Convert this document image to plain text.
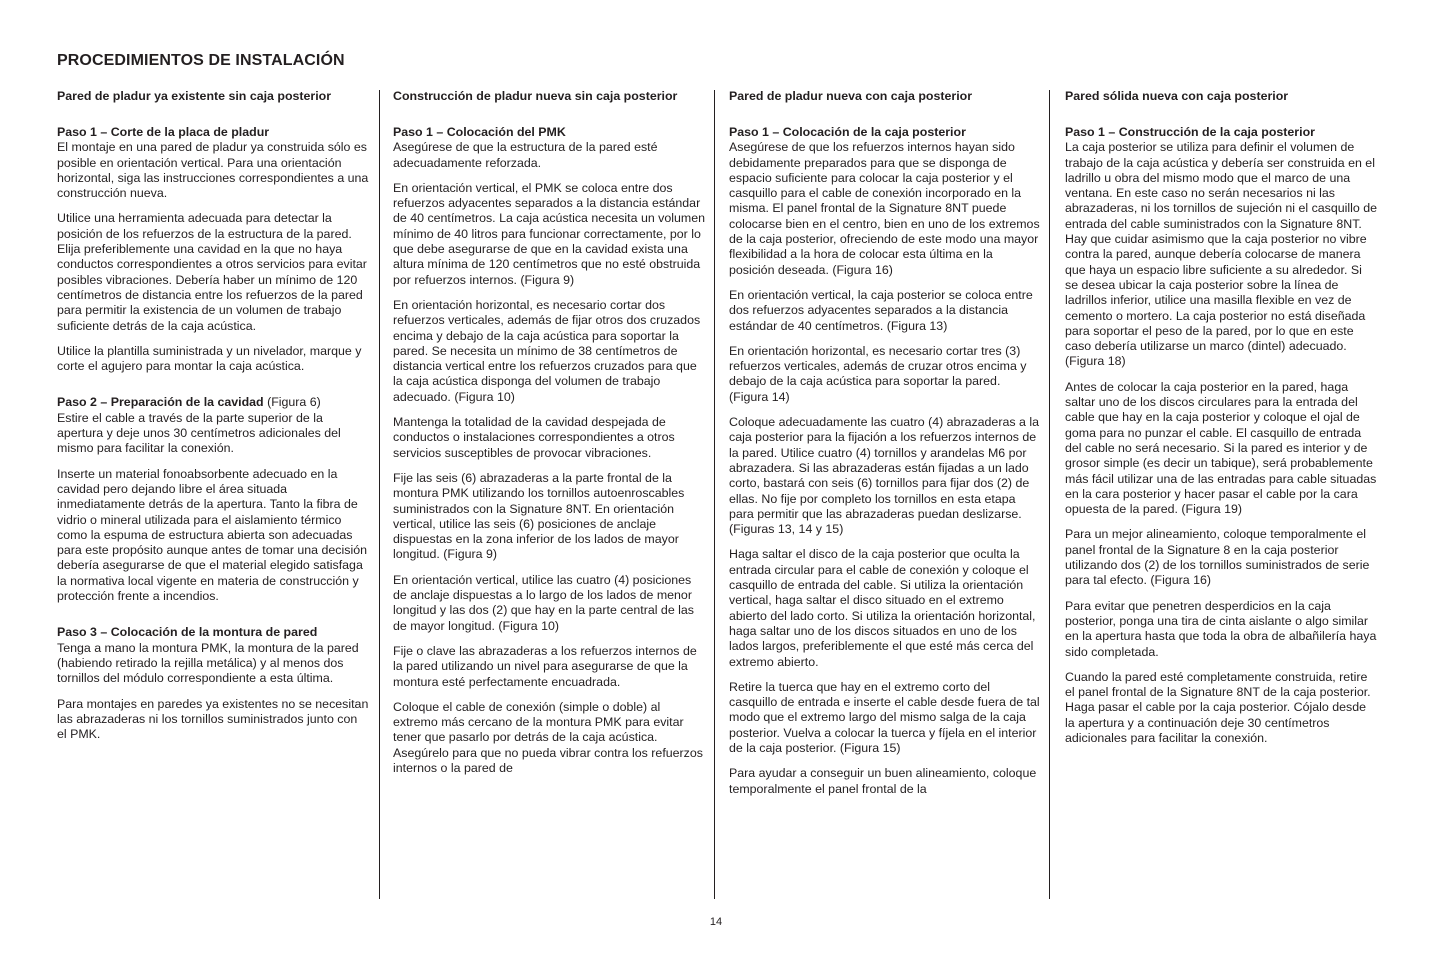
PROCEDIMIENTOS DE INSTALACIÓN
Pared de pladur ya existente sin caja posterior
Paso 1 – Corte de la placa de pladur

El montaje en una pared de pladur ya construida sólo es posible en orientación vertical. Para una orientación horizontal, siga las instrucciones correspondientes a una construcción nueva.

Utilice una herramienta adecuada para detectar la posición de los refuerzos de la estructura de la pared. Elija preferiblemente una cavidad en la que no haya conductos correspondientes a otros servicios para evitar posibles vibraciones. Debería haber un mínimo de 120 centímetros de distancia entre los refuerzos de la pared para permitir la existencia de un volumen de trabajo suficiente detrás de la caja acústica.

Utilice la plantilla suministrada y un nivelador, marque y corte el agujero para montar la caja acústica.

Paso 2 – Preparación de la cavidad (Figura 6)

Estire el cable a través de la parte superior de la apertura y deje unos 30 centímetros adicionales del mismo para facilitar la conexión.

Inserte un material fonoabsorbente adecuado en la cavidad pero dejando libre el área situada inmediatamente detrás de la apertura. Tanto la fibra de vidrio o mineral utilizada para el aislamiento térmico como la espuma de estructura abierta son adecuadas para este propósito aunque antes de tomar una decisión debería asegurarse de que el material elegido satisfaga la normativa local vigente en materia de construcción y protección frente a incendios.

Paso 3 – Colocación de la montura de pared

Tenga a mano la montura PMK, la montura de la pared (habiendo retirado la rejilla metálica) y al menos dos tornillos del módulo correspondiente a esta última.

Para montajes en paredes ya existentes no se necesitan las abrazaderas ni los tornillos suministrados junto con el PMK.

Construcción de pladur nueva sin caja posterior
Paso 1 – Colocación del PMK

Asegúrese de que la estructura de la pared esté adecuadamente reforzada.

En orientación vertical, el PMK se coloca entre dos refuerzos adyacentes separados a la distancia estándar de 40 centímetros. La caja acústica necesita un volumen mínimo de 40 litros para funcionar correctamente, por lo que debe asegurarse de que en la cavidad exista una altura mínima de 120 centímetros que no esté obstruida por refuerzos internos. (Figura 9)

En orientación horizontal, es necesario cortar dos refuerzos verticales, además de fijar otros dos cruzados encima y debajo de la caja acústica para soportar la pared. Se necesita un mínimo de 38 centímetros de distancia vertical entre los refuerzos cruzados para que la caja acústica disponga del volumen de trabajo adecuado. (Figura 10)

Mantenga la totalidad de la cavidad despejada de conductos o instalaciones correspondientes a otros servicios susceptibles de provocar vibraciones.

Fije las seis (6) abrazaderas a la parte frontal de la montura PMK utilizando los tornillos autoenroscables suministrados con la Signature 8NT. En orientación vertical, utilice las seis (6) posiciones de anclaje dispuestas en la zona inferior de los lados de mayor longitud. (Figura 9)

En orientación vertical, utilice las cuatro (4) posiciones de anclaje dispuestas a lo largo de los lados de menor longitud y las dos (2) que hay en la parte central de las de mayor longitud. (Figura 10)

Fije o clave las abrazaderas a los refuerzos internos de la pared utilizando un nivel para asegurarse de que la montura esté perfectamente encuadrada.

Coloque el cable de conexión (simple o doble) al extremo más cercano de la montura PMK para evitar tener que pasarlo por detrás de la caja acústica. Asegúrelo para que no pueda vibrar contra los refuerzos internos o la pared de

Pared de pladur nueva con caja posterior
Paso 1 – Colocación de la caja posterior

Asegúrese de que los refuerzos internos hayan sido debidamente preparados para que se disponga de espacio suficiente para colocar la caja posterior y el casquillo para el cable de conexión incorporado en la misma. El panel frontal de la Signature 8NT puede colocarse bien en el centro, bien en uno de los extremos de la caja posterior, ofreciendo de este modo una mayor flexibilidad a la hora de colocar esta última en la posición deseada. (Figura 16)

En orientación vertical, la caja posterior se coloca entre dos refuerzos adyacentes separados a la distancia estándar de 40 centímetros. (Figura 13)

En orientación horizontal, es necesario cortar tres (3) refuerzos verticales, además de cruzar otros encima y debajo de la caja acústica para soportar la pared. (Figura 14)

Coloque adecuadamente las cuatro (4) abrazaderas a la caja posterior para la fijación a los refuerzos internos de la pared. Utilice cuatro (4) tornillos y arandelas M6 por abrazadera. Si las abrazaderas están fijadas a un lado corto, bastará con seis (6) tornillos para fijar dos (2) de ellas. No fije por completo los tornillos en esta etapa para permitir que las abrazaderas puedan deslizarse. (Figuras 13, 14 y 15)

Haga saltar el disco de la caja posterior que oculta la entrada circular para el cable de conexión y coloque el casquillo de entrada del cable. Si utiliza la orientación vertical, haga saltar el disco situado en el extremo abierto del lado corto. Si utiliza la orientación horizontal, haga saltar uno de los discos situados en uno de los lados largos, preferiblemente el que esté más cerca del extremo abierto.

Retire la tuerca que hay en el extremo corto del casquillo de entrada e inserte el cable desde fuera de tal modo que el extremo largo del mismo salga de la caja posterior. Vuelva a colocar la tuerca y fíjela en el interior de la caja posterior. (Figura 15)

Para ayudar a conseguir un buen alineamiento, coloque temporalmente el panel frontal de la

Pared sólida nueva con caja posterior
Paso 1 – Construcción de la caja posterior

La caja posterior se utiliza para definir el volumen de trabajo de la caja acústica y debería ser construida en el ladrillo u obra del mismo modo que el marco de una ventana. En este caso no serán necesarios ni las abrazaderas, ni los tornillos de sujeción ni el casquillo de entrada del cable suministrados con la Signature 8NT. Hay que cuidar asimismo que la caja posterior no vibre contra la pared, aunque debería colocarse de manera que haya un espacio libre suficiente a su alrededor. Si se desea ubicar la caja posterior sobre la línea de ladrillos inferior, utilice una masilla flexible en vez de cemento o mortero. La caja posterior no está diseñada para soportar el peso de la pared, por lo que en este caso debería utilizarse un marco (dintel) adecuado. (Figura 18)

Antes de colocar la caja posterior en la pared, haga saltar uno de los discos circulares para la entrada del cable que hay en la caja posterior y coloque el ojal de goma para no punzar el cable. El casquillo de entrada del cable no será necesario. Si la pared es interior y de grosor simple (es decir un tabique), será probablemente más fácil utilizar una de las entradas para cable situadas en la cara posterior y hacer pasar el cable por la cara opuesta de la pared. (Figura 19)

Para un mejor alineamiento, coloque temporalmente el panel frontal de la Signature 8 en la caja posterior utilizando dos (2) de los tornillos suministrados de serie para tal efecto. (Figura 16)

Para evitar que penetren desperdicios en la caja posterior, ponga una tira de cinta aislante o algo similar en la apertura hasta que toda la obra de albañilería haya sido completada.

Cuando la pared esté completamente construida, retire el panel frontal de la Signature 8NT de la caja posterior. Haga pasar el cable por la caja posterior. Cójalo desde la apertura y a continuación deje 30 centímetros adicionales para facilitar la conexión.

14
